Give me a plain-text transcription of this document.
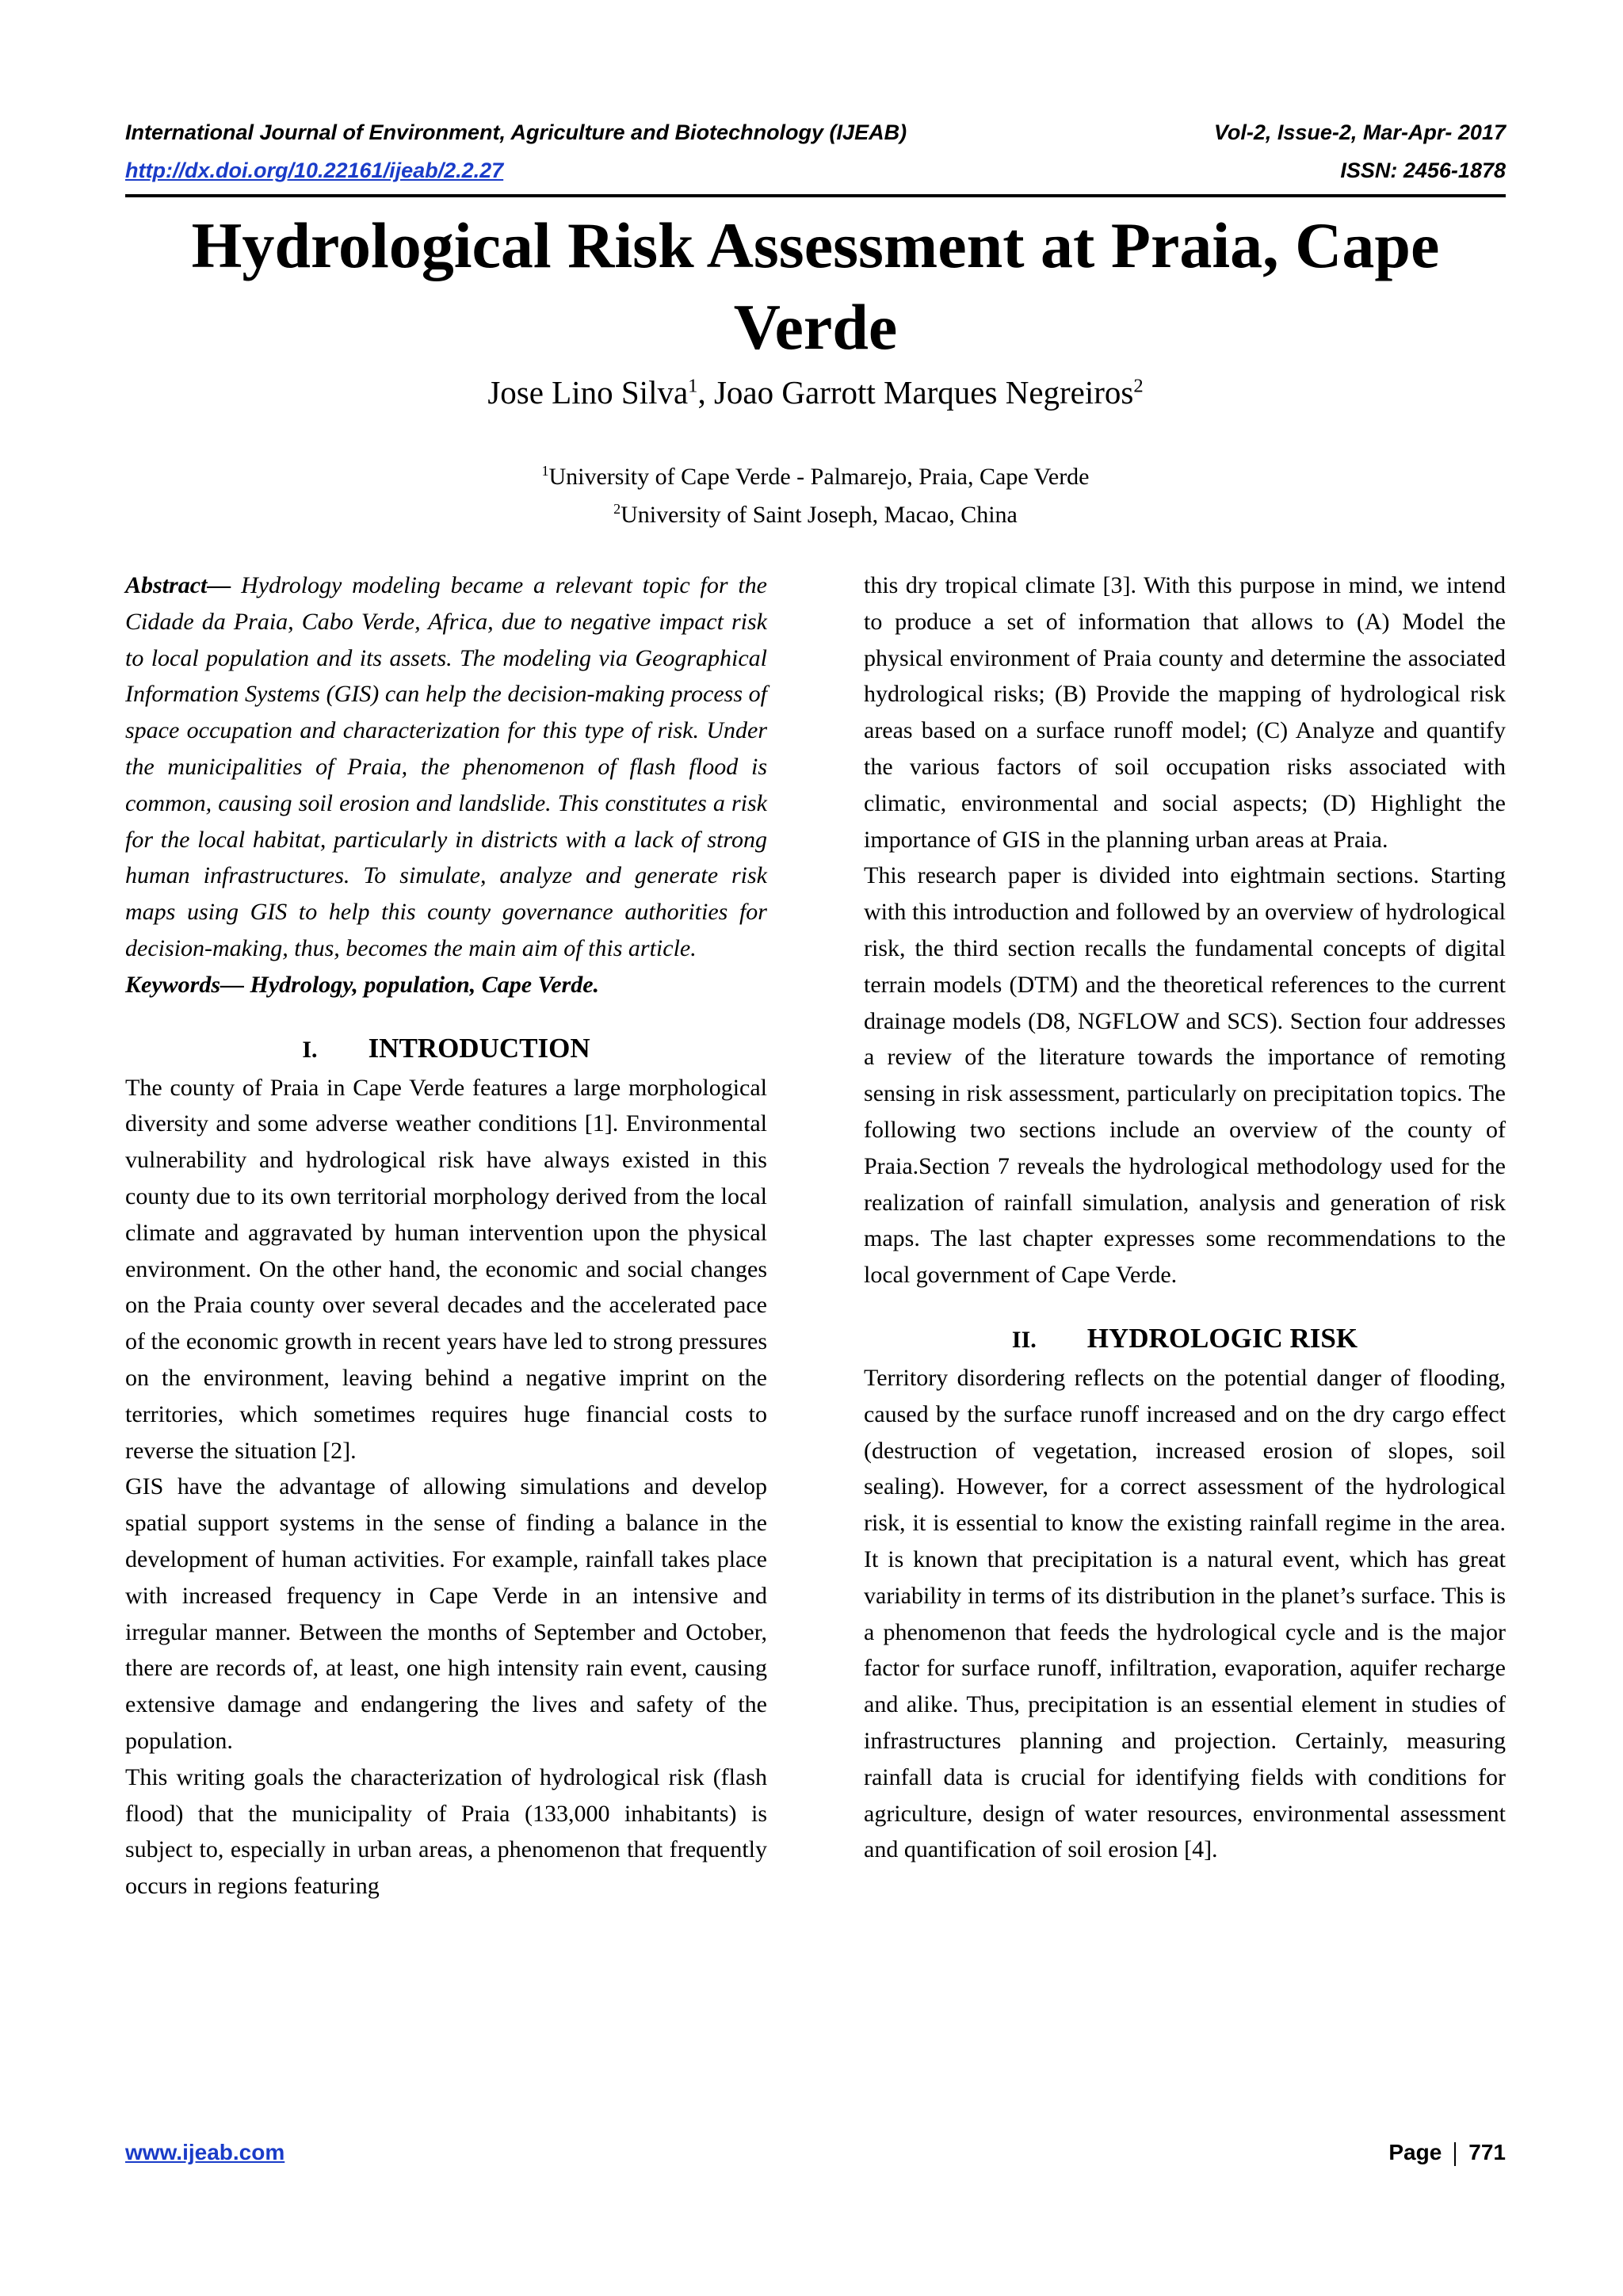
International Journal of Environment, Agriculture and Biotechnology (IJEAB)	Vol-2, Issue-2, Mar-Apr- 2017
http://dx.doi.org/10.22161/ijeab/2.2.27	ISSN: 2456-1878
Hydrological Risk Assessment at Praia, Cape Verde
Jose Lino Silva$^1$, Joao Garrott Marques Negreiros$^2$
$^1$University of Cape Verde - Palmarejo, Praia, Cape Verde
$^2$University of Saint Joseph, Macao, China

Abstract— Hydrology modeling became a relevant topic for the Cidade da Praia, Cabo Verde, Africa, due to negative impact risk to local population and its assets. The modeling via Geographical Information Systems (GIS) can help the decision-making process of space occupation and characterization for this type of risk. Under the municipalities of Praia, the phenomenon of flash flood is common, causing soil erosion and landslide. This constitutes a risk for the local habitat, particularly in districts with a lack of strong human infrastructures. To simulate, analyze and generate risk maps using GIS to help this county governance authorities for decision-making, thus, becomes the main aim of this article.

Keywords— Hydrology, population, Cape Verde.

I. INTRODUCTION

The county of Praia in Cape Verde features a large morphological diversity and some adverse weather conditions [1]. Environmental vulnerability and hydrological risk have always existed in this county due to its own territorial morphology derived from the local climate and aggravated by human intervention upon the physical environment. On the other hand, the economic and social changes on the Praia county over several decades and the accelerated pace of the economic growth in recent years have led to strong pressures on the environment, leaving behind a negative imprint on the territories, which sometimes requires huge financial costs to reverse the situation [2].

GIS have the advantage of allowing simulations and develop spatial support systems in the sense of finding a balance in the development of human activities. For example, rainfall takes place with increased frequency in Cape Verde in an intensive and irregular manner. Between the months of September and October, there are records of, at least, one high intensity rain event, causing extensive damage and endangering the lives and safety of the population.

This writing goals the characterization of hydrological risk (flash flood) that the municipality of Praia (133,000 inhabitants) is subject to, especially in urban areas, a phenomenon that frequently occurs in regions featuring

this dry tropical climate [3]. With this purpose in mind, we intend to produce a set of information that allows to (A) Model the physical environment of Praia county and determine the associated hydrological risks; (B) Provide the mapping of hydrological risk areas based on a surface runoff model; (C) Analyze and quantify the various factors of soil occupation risks associated with climatic, environmental and social aspects; (D) Highlight the importance of GIS in the planning urban areas at Praia.

This research paper is divided into eightmain sections. Starting with this introduction and followed by an overview of hydrological risk, the third section recalls the fundamental concepts of digital terrain models (DTM) and the theoretical references to the current drainage models (D8, NGFLOW and SCS). Section four addresses a review of the literature towards the importance of remoting sensing in risk assessment, particularly on precipitation topics. The following two sections include an overview of the county of Praia.Section 7 reveals the hydrological methodology used for the realization of rainfall simulation, analysis and generation of risk maps. The last chapter expresses some recommendations to the local government of Cape Verde.

II. HYDROLOGIC RISK

Territory disordering reflects on the potential danger of flooding, caused by the surface runoff increased and on the dry cargo effect (destruction of vegetation, increased erosion of slopes, soil sealing). However, for a correct assessment of the hydrological risk, it is essential to know the existing rainfall regime in the area. It is known that precipitation is a natural event, which has great variability in terms of its distribution in the planet’s surface. This is a phenomenon that feeds the hydrological cycle and is the major factor for surface runoff, infiltration, evaporation, aquifer recharge and alike. Thus, precipitation is an essential element in studies of infrastructures planning and projection. Certainly, measuring rainfall data is crucial for identifying fields with conditions for agriculture, design of water resources, environmental assessment and quantification of soil erosion [4].

www.ijeab.com	Page 771
